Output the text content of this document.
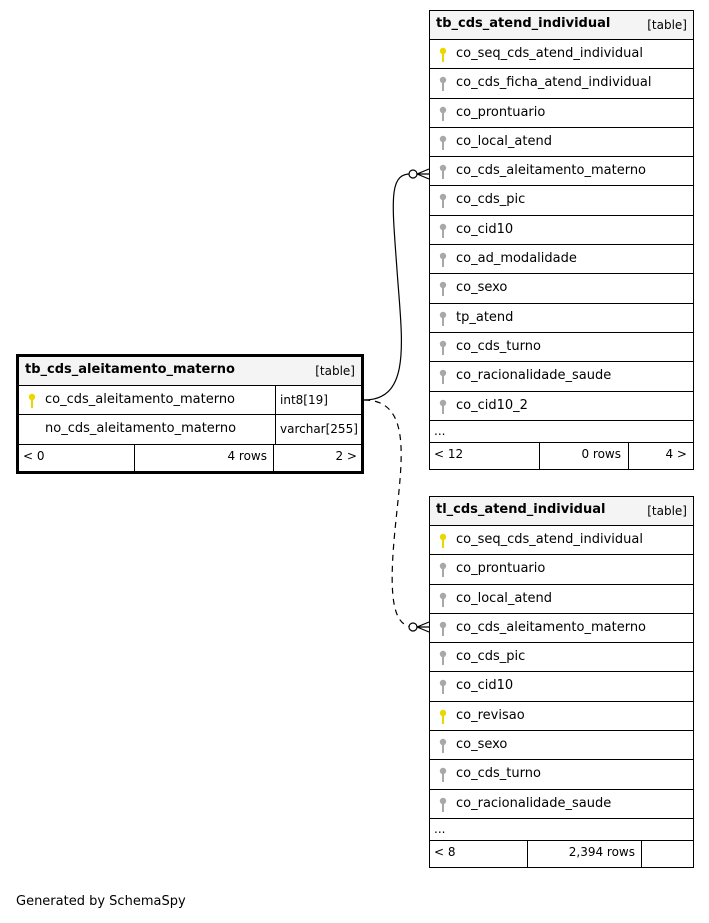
tb_cds_aleitamento_materno	[table]
co_cds_aleitamento_materno	int8[19]
no_cds_aleitamento_materno	varchar[255]
< 0	4 rows	2 >
tb_cds_atend_individual	[table]
co_seq_cds_atend_individual
co_cds_ficha_atend_individual
co_prontuario
co_local_atend
co_cds_aleitamento_materno
co_cds_pic
co_cid10
co_ad_modalidade
co_sexo
tp_atend
co_cds_turno
co_racionalidade_saude
co_cid10_2
...
< 12	0 rows	4 >
tl_cds_atend_individual	[table]
co_seq_cds_atend_individual
co_prontuario
co_local_atend
co_cds_aleitamento_materno
co_cds_pic
co_cid10
co_revisao
co_sexo
co_cds_turno
co_racionalidade_saude
...
< 8	2,394 rows
Generated by SchemaSpy
